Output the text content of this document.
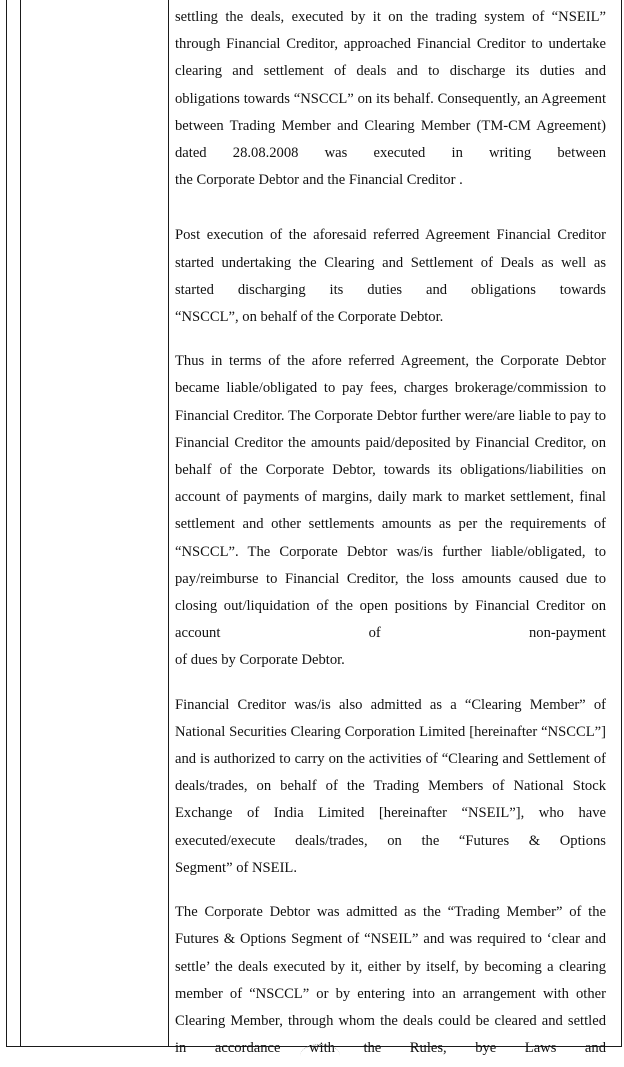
settling the deals, executed by it on the trading system of “NSEIL” through Financial Creditor, approached Financial Creditor to undertake clearing and settlement of deals and to discharge its duties and obligations towards “NSCCL” on its behalf. Consequently, an Agreement between Trading Member and Clearing Member (TM-CM Agreement) dated 28.08.2008 was executed in writing between
the Corporate Debtor and the Financial Creditor .

Post execution of the aforesaid referred Agreement Financial Creditor started undertaking the Clearing and Settlement of Deals as well as started discharging its duties and obligations towards
“NSCCL”, on behalf of the Corporate Debtor.

Thus in terms of the afore referred Agreement, the Corporate Debtor became liable/obligated to pay fees, charges brokerage/commission to Financial Creditor. The Corporate Debtor further were/are liable to pay to Financial Creditor the amounts paid/deposited by Financial Creditor, on behalf of the Corporate Debtor, towards its obligations/liabilities on account of payments of margins, daily mark to market settlement, final settlement and other settlements amounts as per the requirements of “NSCCL”. The Corporate Debtor was/is further liable/obligated, to pay/reimburse to Financial Creditor, the loss amounts caused due to closing out/liquidation of the open positions by Financial Creditor on account of non-payment
of dues by Corporate Debtor.

Financial Creditor was/is also admitted as a “Clearing Member” of National Securities Clearing Corporation Limited [hereinafter “NSCCL”] and is authorized to carry on the activities of “Clearing and Settlement of deals/trades, on behalf of the Trading Members of National Stock Exchange of India Limited [hereinafter “NSEIL”], who have executed/execute deals/trades, on the “Futures & Options
Segment” of NSEIL.

The Corporate Debtor was admitted as the “Trading Member” of the Futures & Options Segment of “NSEIL” and was required to ‘clear and settle’ the deals executed by it, either by itself, by becoming a clearing member of “NSCCL” or by entering into an arrangement with other Clearing Member, through whom the deals could be cleared and settled in accordance with the Rules, bye Laws and
